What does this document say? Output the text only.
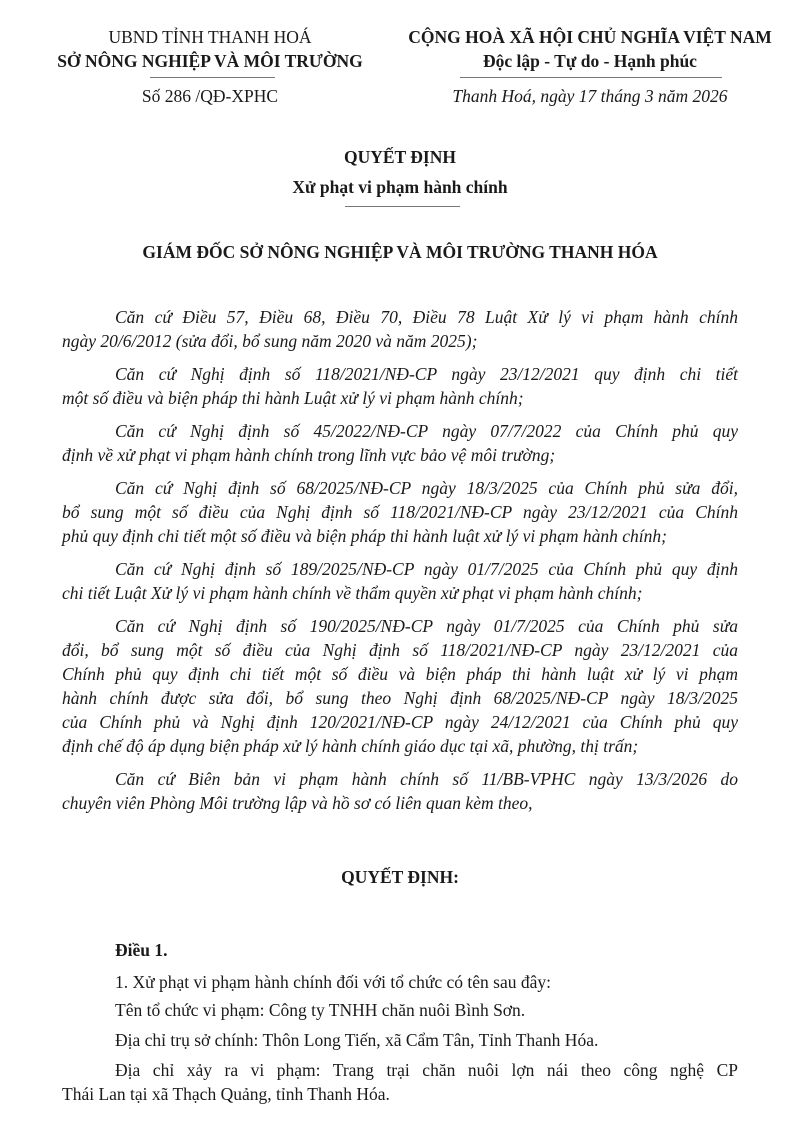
UBND TỈNH THANH HOÁ
SỞ NÔNG NGHIỆP VÀ MÔI TRƯỜNG
Số 286 /QĐ-XPHC
CỘNG HOÀ XÃ HỘI CHỦ NGHĨA VIỆT NAM
Độc lập - Tự do - Hạnh phúc
Thanh Hoá, ngày 17 tháng 3 năm 2026
QUYẾT ĐỊNH
Xử phạt vi phạm hành chính
GIÁM ĐỐC SỞ NÔNG NGHIỆP VÀ MÔI TRƯỜNG THANH HÓA
Căn cứ Điều 57, Điều 68, Điều 70, Điều 78 Luật Xử lý vi phạm hành chính
ngày 20/6/2012 (sửa đổi, bổ sung năm 2020 và năm 2025);
Căn cứ Nghị định số 118/2021/NĐ-CP ngày 23/12/2021 quy định chi tiết
một số điều và biện pháp thi hành Luật xử lý vi phạm hành chính;
Căn cứ Nghị định số 45/2022/NĐ-CP ngày 07/7/2022 của Chính phủ quy
định về xử phạt vi phạm hành chính trong lĩnh vực bảo vệ môi trường;
Căn cứ Nghị định số 68/2025/NĐ-CP ngày 18/3/2025 của Chính phủ sửa đổi,
bổ sung một số điều của Nghị định số 118/2021/NĐ-CP ngày 23/12/2021 của Chính
phủ quy định chi tiết một số điều và biện pháp thi hành luật xử lý vi phạm hành chính;
Căn cứ Nghị định số 189/2025/NĐ-CP ngày 01/7/2025 của Chính phủ quy định
chi tiết Luật Xử lý vi phạm hành chính về thẩm quyền xử phạt vi phạm hành chính;
Căn cứ Nghị định số 190/2025/NĐ-CP ngày 01/7/2025 của Chính phủ sửa
đổi, bổ sung một số điều của Nghị định số 118/2021/NĐ-CP ngày 23/12/2021 của
Chính phủ quy định chi tiết một số điều và biện pháp thi hành luật xử lý vi phạm
hành chính được sửa đổi, bổ sung theo Nghị định 68/2025/NĐ-CP ngày 18/3/2025
của Chính phủ và Nghị định 120/2021/NĐ-CP ngày 24/12/2021 của Chính phủ quy
định chế độ áp dụng biện pháp xử lý hành chính giáo dục tại xã, phường, thị trấn;
Căn cứ Biên bản vi phạm hành chính số 11/BB-VPHC ngày 13/3/2026 do
chuyên viên Phòng Môi trường lập và hồ sơ có liên quan kèm theo,
QUYẾT ĐỊNH:
Điều 1.
1. Xử phạt vi phạm hành chính đối với tổ chức có tên sau đây:
Tên tổ chức vi phạm: Công ty TNHH chăn nuôi Bình Sơn.
Địa chỉ trụ sở chính: Thôn Long Tiến, xã Cẩm Tân, Tỉnh Thanh Hóa.
Địa chỉ xảy ra vi phạm: Trang trại chăn nuôi lợn nái theo công nghệ CP
Thái Lan tại xã Thạch Quảng, tỉnh Thanh Hóa.
